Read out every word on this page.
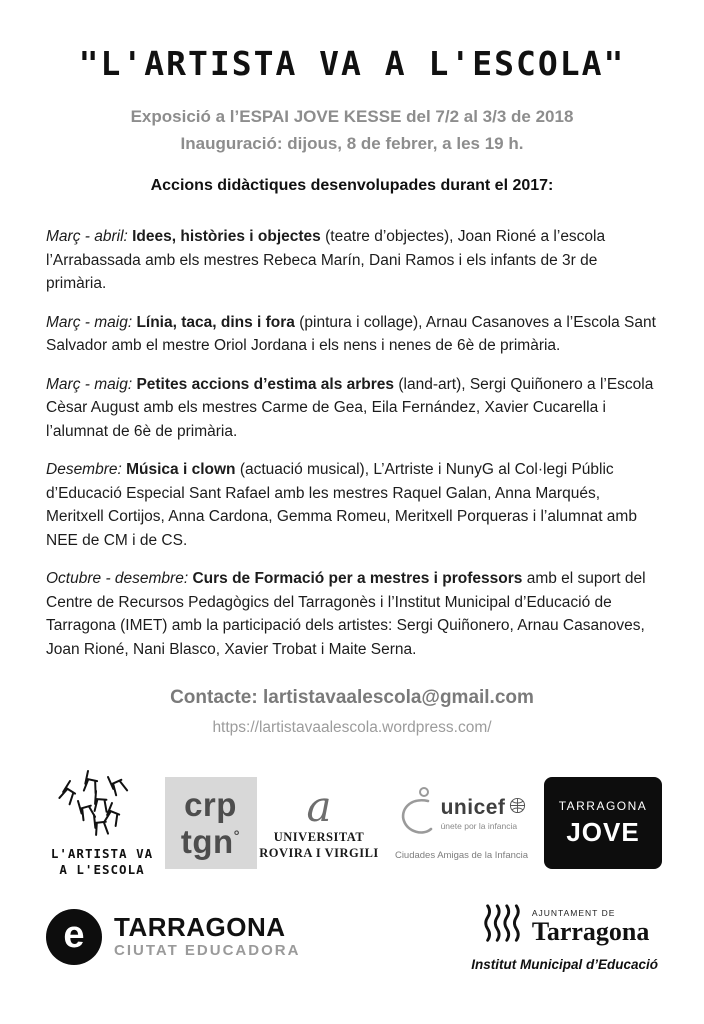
"L'ARTISTA VA A L'ESCOLA"

Exposició a l’ESPAI JOVE KESSE del 7/2 al 3/3 de 2018

Inauguració: dijous, 8 de febrer, a les 19 h.

Accions didàctiques desenvolupades durant el 2017:

Març - abril: Idees, històries i objectes (teatre d’objectes), Joan Rioné a l’escola l’Arrabassada amb els mestres Rebeca Marín, Dani Ramos i els infants de 3r de primària.

Març - maig: Línia, taca, dins i fora (pintura i collage), Arnau Casanoves a l’Escola Sant Salvador amb el mestre Oriol Jordana i els nens i nenes de 6è de primària.

Març - maig: Petites accions d’estima als arbres (land-art), Sergi Quiñonero a l’Escola Cèsar August amb els mestres Carme de Gea, Eila Fernández, Xavier Cucarella i l’alumnat de 6è de primària.

Desembre: Música i clown (actuació musical), L’Artriste i NunyG al Col·legi Públic d’Educació Especial Sant Rafael amb les mestres Raquel Galan, Anna Marqués, Meritxell Cortijos, Anna Cardona, Gemma Romeu, Meritxell Porqueras i l’alumnat amb NEE de CM i de CS.

Octubre - desembre: Curs de Formació per a mestres i professors amb el suport del Centre de Recursos Pedagògics del Tarragonès i l’Institut Municipal d’Educació de Tarragona (IMET) amb la participació dels artistes: Sergi Quiñonero, Arnau Casanoves, Joan Rioné, Nani Blasco, Xavier Trobat i Maite Serna.

Contacte: lartistavaalescola@gmail.com

https://lartistavaalescola.wordpress.com/

L'ARTISTA VA
A L'ESCOLA
crp
tgn°
a
UNIVERSITAT
ROVIRA I VIRGILI
unicef
únete por la infancia
Ciudades Amigas de la Infancia
TARRAGONA
JOVE
e	TARRAGONA
CIUTAT EDUCADORA
AJUNTAMENT DE
Tarragona
Institut Municipal d’Educació
